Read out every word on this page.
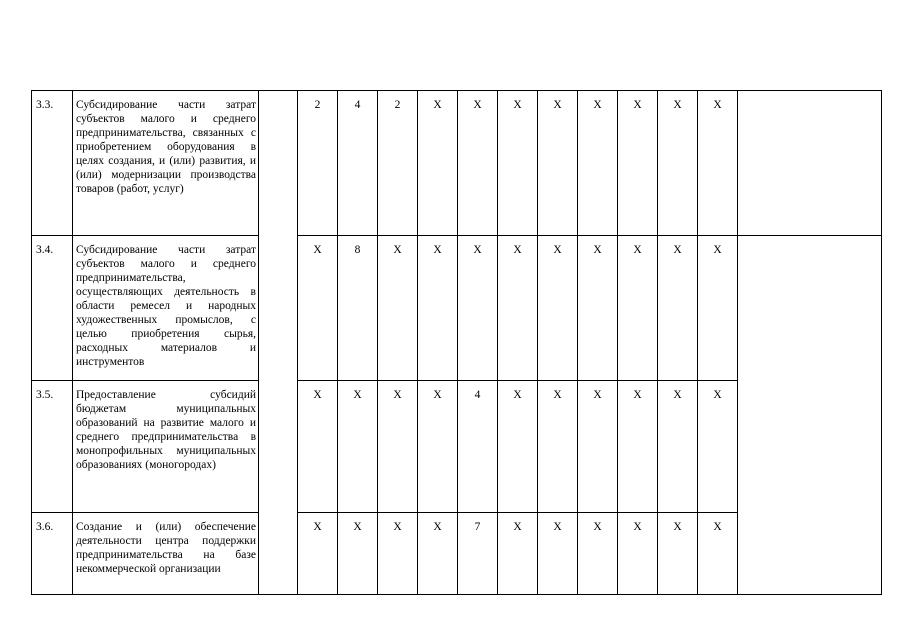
3.3.	Субсидирование части затрат субъектов малого и среднего предпринимательства, связанных с приобретением оборудования в целях создания, и (или) развития, и (или) модернизации производства товаров (работ, услуг)		2	4	2	X	X	X	X	X	X	X	X	
3.4.	Субсидирование части затрат субъектов малого и среднего предпринимательства, осуществляющих деятельность в области ремесел и народных художественных промыслов, с целью приобретения сырья, расходных материалов и инструментов		X	8	X	X	X	X	X	X	X	X	X	
3.5.	Предоставление субсидий бюджетам муниципальных образований на развитие малого и среднего предпринимательства в монопрофильных муниципальных образованиях (моногородах)		X	X	X	X	4	X	X	X	X	X	X	
3.6.	Создание и (или) обеспечение деятельности центра поддержки предпринимательства на базе некоммерческой организации		X	X	X	X	7	X	X	X	X	X	X	
